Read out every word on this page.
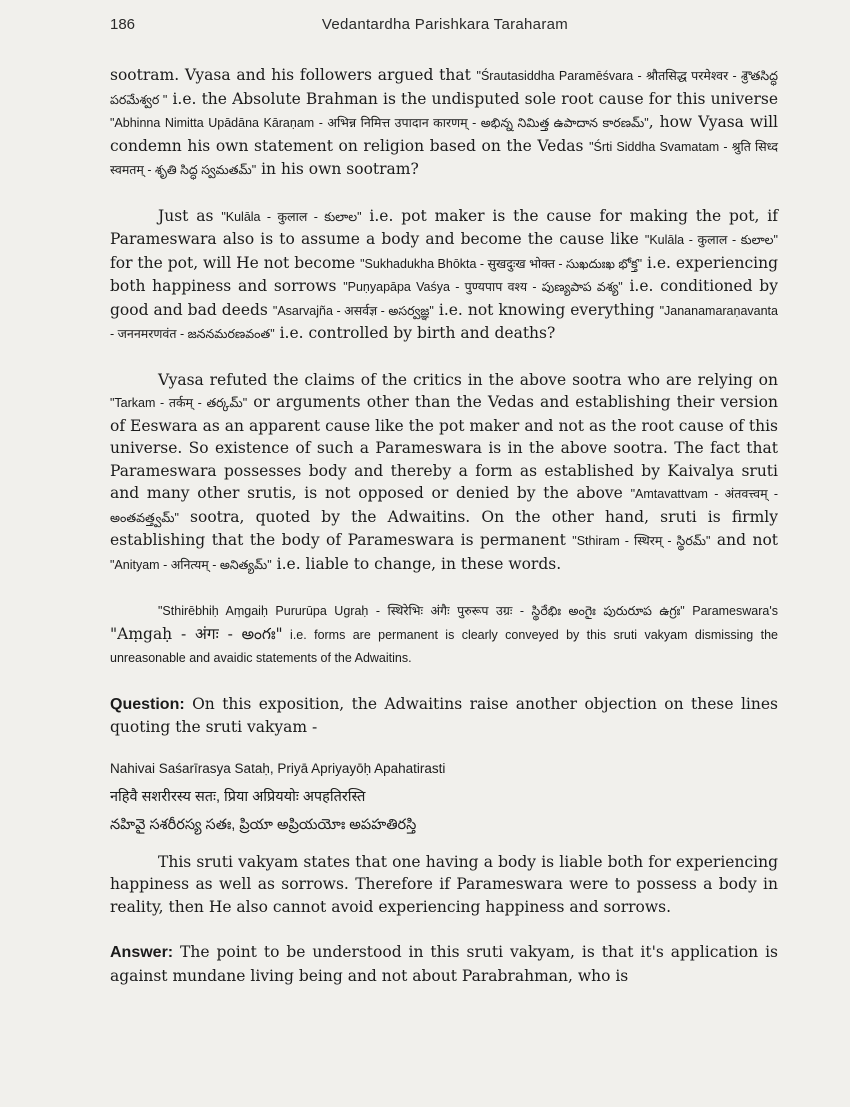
186	Vedantardha Parishkara Taraharam

sootram. Vyasa and his followers argued that "Śrautasiddha Paramēśvara - श्रौतसिद्ध परमेश्वर - శ్రౌతసిద్ధ పరమేశ్వర " i.e. the Absolute Brahman is the undisputed sole root cause for this universe "Abhinna Nimitta Upādāna Kāraṇam - अभिन्न निमित्त उपादान कारणम् - అభిన్న నిమిత్త ఉపాదాన కారణమ్", how Vyasa will condemn his own statement on religion based on the Vedas "Śrti Siddha Svamatam - श्रुति सिध्द स्वमतम् - శృతి సిద్ధ స్వమతమ్" in his own sootram?

Just as "Kulāla - कुलाल - కులాల" i.e. pot maker is the cause for making the pot, if Parameswara also is to assume a body and become the cause like "Kulāla - कुलाल - కులాల" for the pot, will He not become "Sukhadukha Bhōkta - सुखदुःख भोक्त - సుఖదుఃఖ భోక్త" i.e. experiencing both happiness and sorrows "Puṇyapāpa Vaśya - पुण्यपाप वश्य - పుణ్యపాప వశ్య" i.e. conditioned by good and bad deeds "Asarvajña - असर्वज्ञ - అసర్వజ్ఞ" i.e. not knowing everything "Jananamaraṇavanta - जननमरणवंत - జననమరణవంత" i.e. controlled by birth and deaths?

Vyasa refuted the claims of the critics in the above sootra who are relying on "Tarkam - तर्कम् - తర్కమ్" or arguments other than the Vedas and establishing their version of Eeswara as an apparent cause like the pot maker and not as the root cause of this universe. So existence of such a Parameswara is in the above sootra. The fact that Parameswara possesses body and thereby a form as established by Kaivalya sruti and many other srutis, is not opposed or denied by the above "Amtavattvam - अंतवत्त्वम् - అంతవత్త్వమ్" sootra, quoted by the Adwaitins. On the other hand, sruti is firmly establishing that the body of Parameswara is permanent "Sthiram - स्थिरम् - స్థిరమ్" and not "Anityam - अनित्यम् - అనిత్యమ్" i.e. liable to change, in these words.

"Sthirēbhiḥ Aṃgaiḥ Pururūpa Ugraḥ - स्थिरेभिः अंगैः पुरुरूप उग्रः - స్థిరేభిః అంగైః పురురూప ఉగ్రః" Parameswara's "Aṃgaḥ - अंगः - అంగః" i.e. forms are permanent is clearly conveyed by this sruti vakyam dismissing the unreasonable and avaidic statements of the Adwaitins.

Question: On this exposition, the Adwaitins raise another objection on these lines quoting the sruti vakyam -

Nahivai Saśarīrasya Sataḥ, Priyā Apriyayōḥ Apahatirasti

नहिवै सशरीरस्य सतः, प्रिया अप्रिययोः अपहतिरस्ति

నహివై సశరీరస్య సతః, ప్రియా అప్రియయోః అపహతిరస్తి

This sruti vakyam states that one having a body is liable both for experiencing happiness as well as sorrows. Therefore if Parameswara were to possess a body in reality, then He also cannot avoid experiencing happiness and sorrows.

Answer: The point to be understood in this sruti vakyam, is that it's application is against mundane living being and not about Parabrahman, who is
